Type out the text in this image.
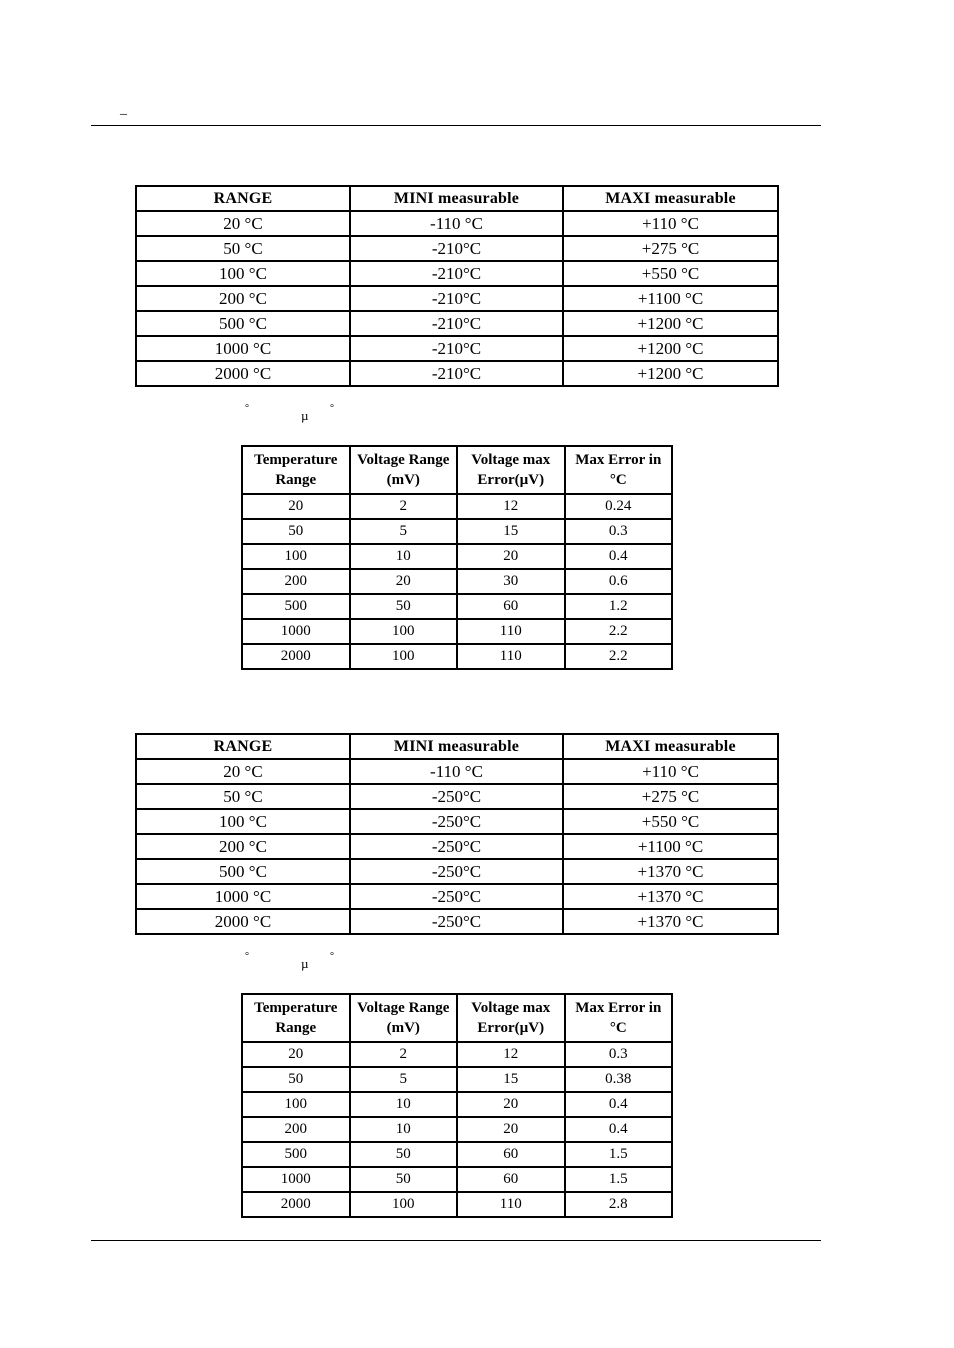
_
RANGE	MINI measurable	MAXI measurable
20 °C	-110 °C	+110 °C
50 °C	-210°C	+275 °C
100 °C	-210°C	+550 °C
200 °C	-210°C	+1100 °C
500 °C	-210°C	+1200 °C
1000 °C	-210°C	+1200 °C
2000 °C	-210°C	+1200 °C
°	µ °
Temperature Range	Voltage Range (mV)	Voltage max Error(µV)	Max Error in °C
20	2	12	0.24
50	5	15	0.3
100	10	20	0.4
200	20	30	0.6
500	50	60	1.2
1000	100	110	2.2
2000	100	110	2.2
RANGE	MINI measurable	MAXI measurable
20 °C	-110 °C	+110 °C
50 °C	-250°C	+275 °C
100 °C	-250°C	+550 °C
200 °C	-250°C	+1100 °C
500 °C	-250°C	+1370 °C
1000 °C	-250°C	+1370 °C
2000 °C	-250°C	+1370 °C
°	µ °
Temperature Range	Voltage Range (mV)	Voltage max Error(µV)	Max Error in °C
20	2	12	0.3
50	5	15	0.38
100	10	20	0.4
200	10	20	0.4
500	50	60	1.5
1000	50	60	1.5
2000	100	110	2.8
